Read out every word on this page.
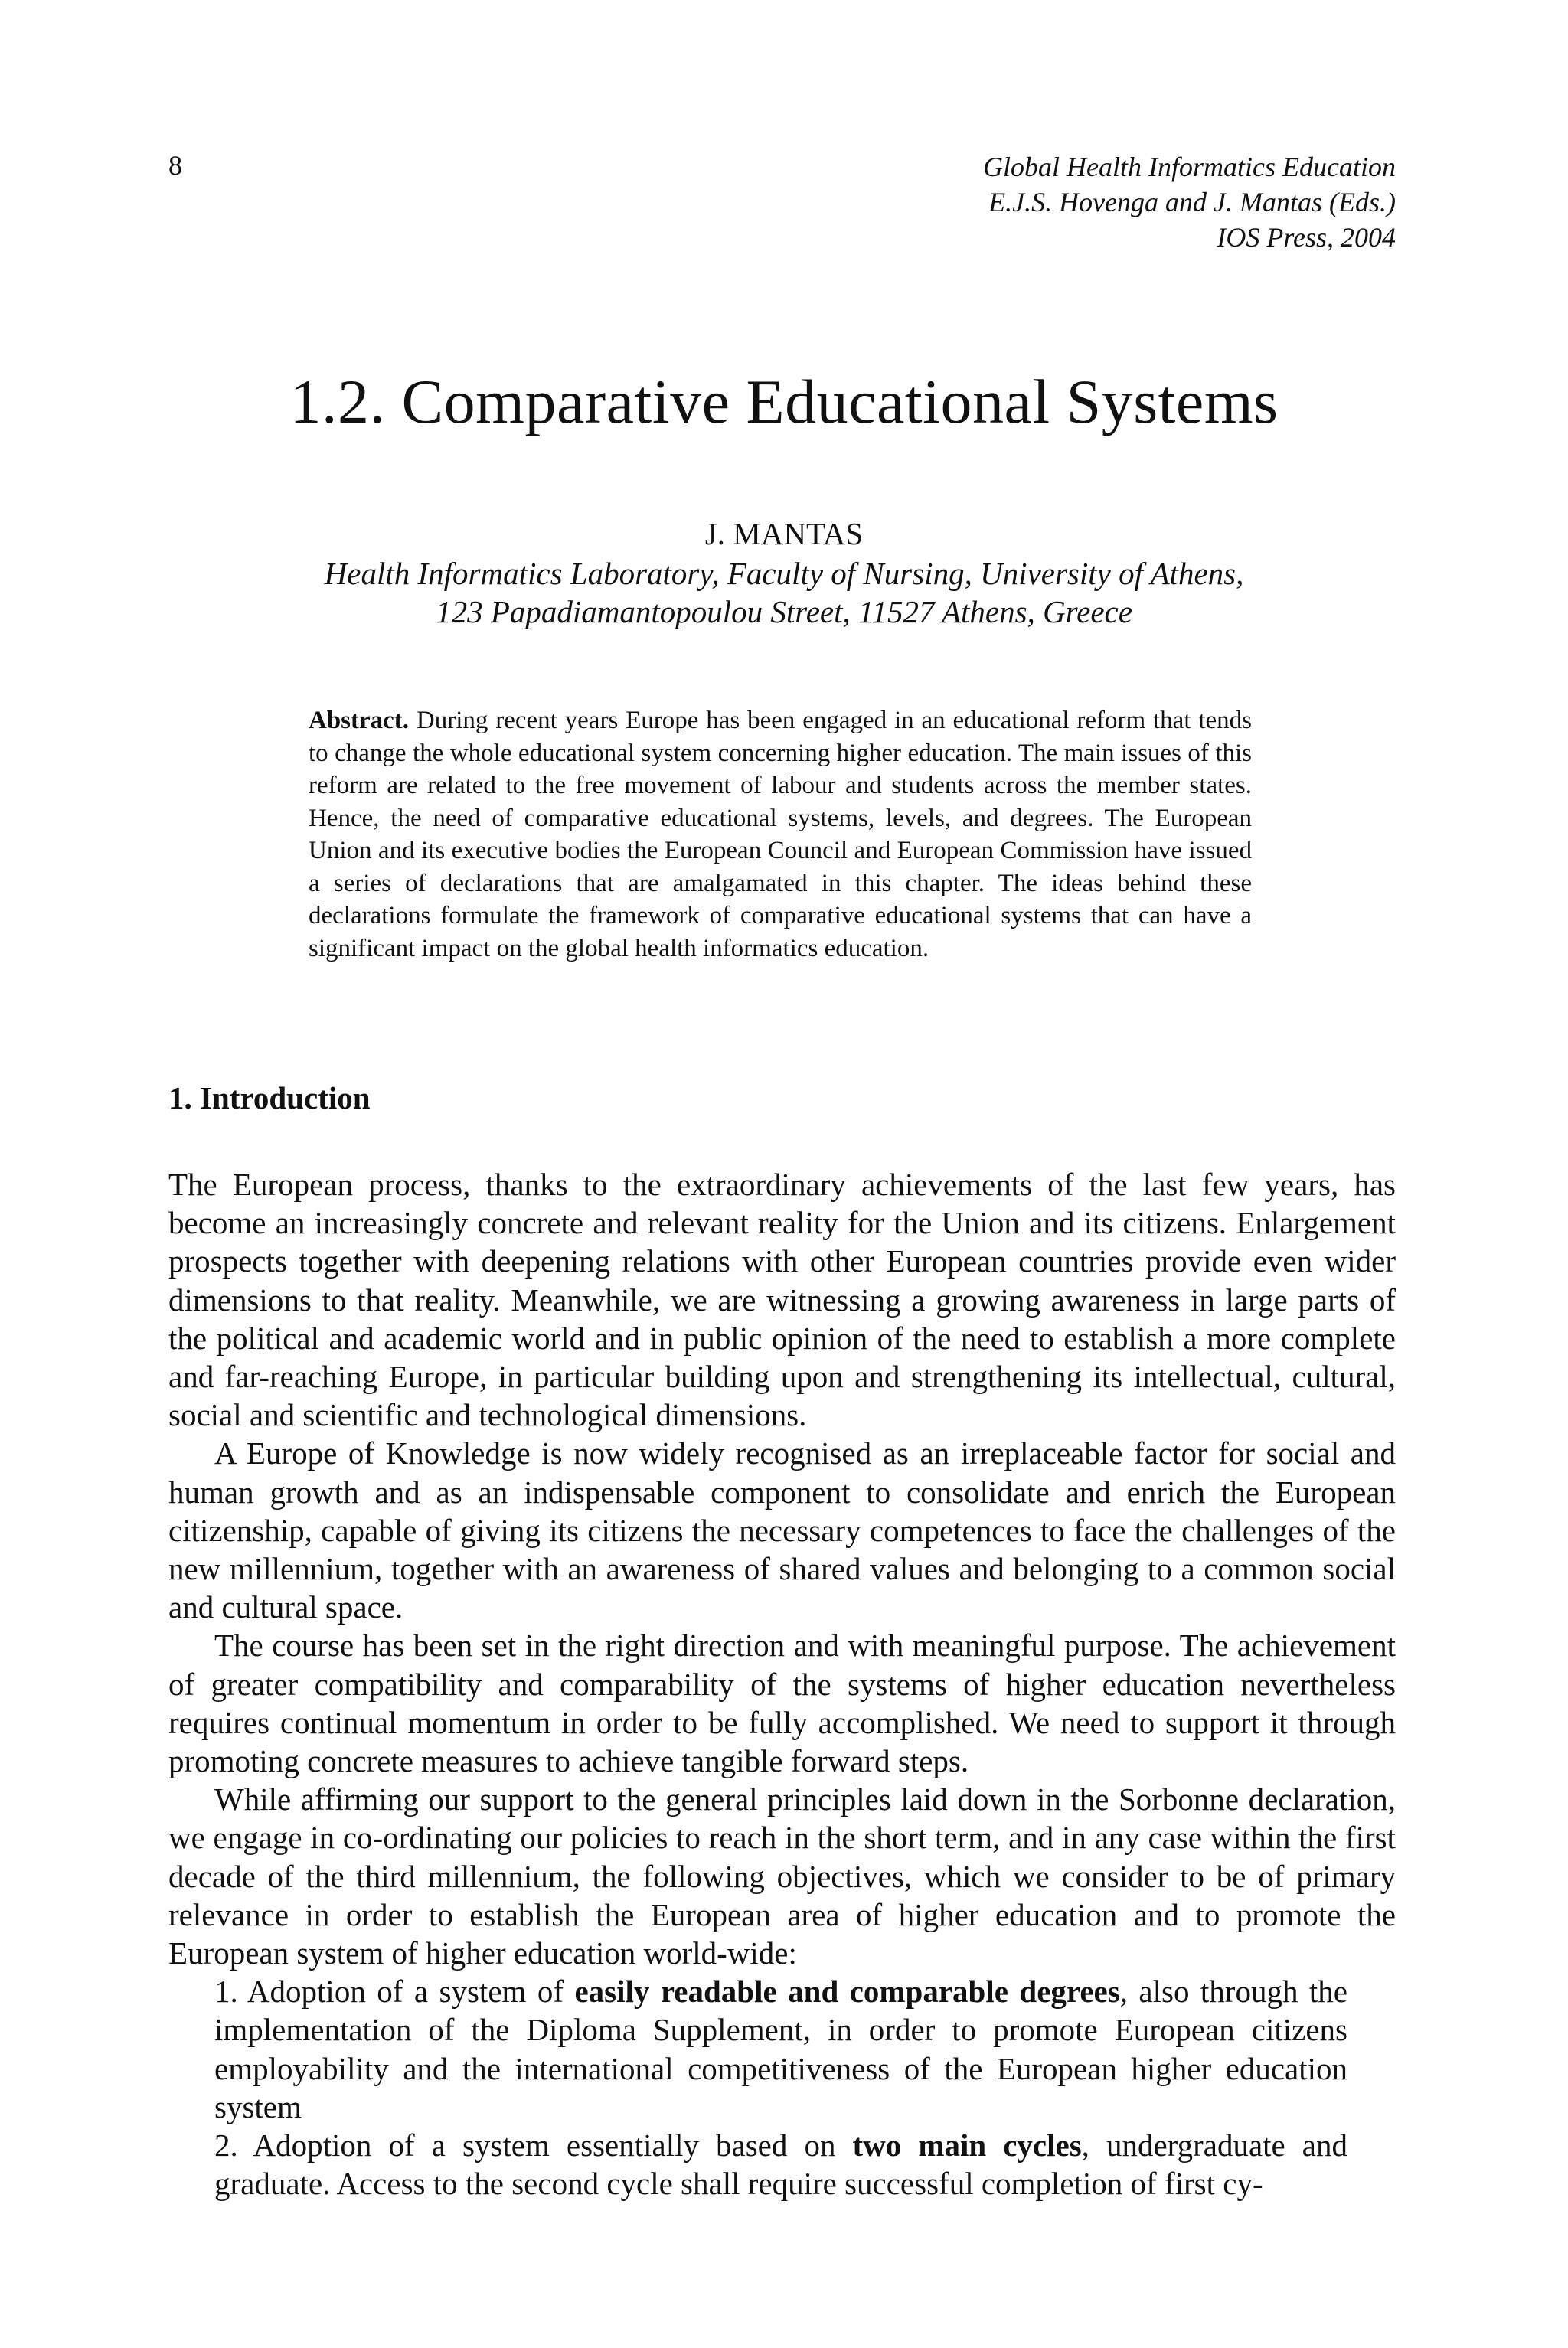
8	Global Health Informatics Education
E.J.S. Hovenga and J. Mantas (Eds.)
IOS Press, 2004
1.2. Comparative Educational Systems
J. MANTAS
Health Informatics Laboratory, Faculty of Nursing, University of Athens,
123 Papadiamantopoulou Street, 11527 Athens, Greece

Abstract. During recent years Europe has been engaged in an educational reform that tends to change the whole educational system concerning higher education. The main issues of this reform are related to the free movement of labour and students across the member states. Hence, the need of comparative educational systems, levels, and degrees. The European Union and its executive bodies the European Council and European Commission have issued a series of declarations that are amalgamated in this chapter. The ideas behind these declarations formulate the framework of comparative educational systems that can have a significant impact on the global health informatics education.

1. Introduction

The European process, thanks to the extraordinary achievements of the last few years, has become an increasingly concrete and relevant reality for the Union and its citizens. Enlargement prospects together with deepening relations with other European countries provide even wider dimensions to that reality. Meanwhile, we are witnessing a growing awareness in large parts of the political and academic world and in public opinion of the need to establish a more complete and far-reaching Europe, in particular building upon and strengthening its intellectual, cultural, social and scientific and technological dimensions.

A Europe of Knowledge is now widely recognised as an irreplaceable factor for social and human growth and as an indispensable component to consolidate and enrich the European citizenship, capable of giving its citizens the necessary competences to face the challenges of the new millennium, together with an awareness of shared values and belonging to a common social and cultural space.

The course has been set in the right direction and with meaningful purpose. The achievement of greater compatibility and comparability of the systems of higher education nevertheless requires continual momentum in order to be fully accomplished. We need to support it through promoting concrete measures to achieve tangible forward steps.

While affirming our support to the general principles laid down in the Sorbonne declaration, we engage in co-ordinating our policies to reach in the short term, and in any case within the first decade of the third millennium, the following objectives, which we consider to be of primary relevance in order to establish the European area of higher education and to promote the European system of higher education world-wide:

1. Adoption of a system of easily readable and comparable degrees, also through the implementation of the Diploma Supplement, in order to promote European citizens employability and the international competitiveness of the European higher education system
2. Adoption of a system essentially based on two main cycles, undergraduate and graduate. Access to the second cycle shall require successful completion of first cy-
